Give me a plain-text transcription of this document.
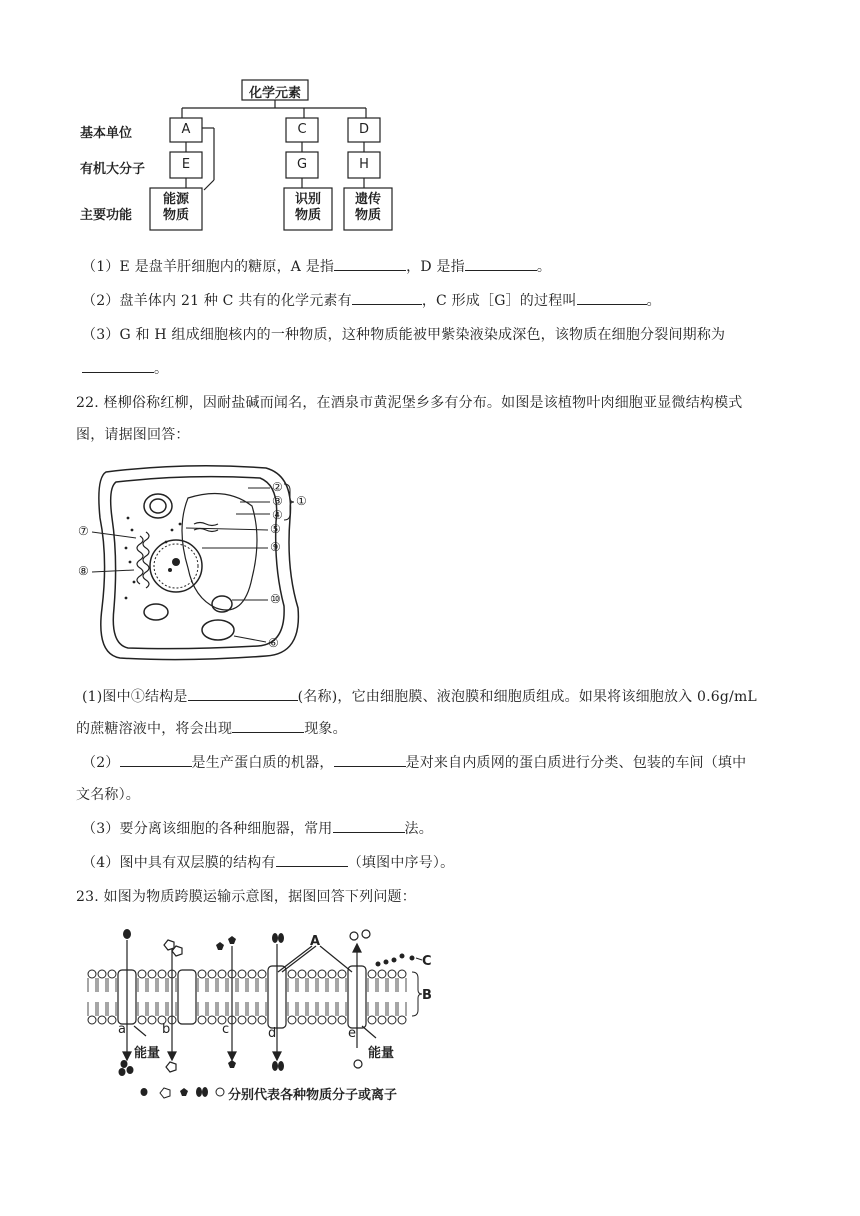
化学元素
基本单位
有机大分子
主要功能
A	C	D
E	G	H
能源
物质
识别
物质
遗传
物质
（1）E 是盘羊肝细胞内的糖原，A 是指	，D 是指	。
（2）盘羊体内 21 种 C 共有的化学元素有	，C 形成［G］的过程叫	。
（3）G 和 H 组成细胞核内的一种物质，这种物质能被甲紫染液染成深色，该物质在细胞分裂间期称为
。
22. 柽柳俗称红柳，因耐盐碱而闻名，在酒泉市黄泥堡乡多有分布。如图是该植物叶肉细胞亚显微结构模式
图，请据图回答：
②
③
④
①
⑤
⑦
⑨
⑧
⑩
⑥
(1)图中①结构是	(名称)，它由细胞膜、液泡膜和细胞质组成。如果将该细胞放入 0.6g/mL
的蔗糖溶液中，将会出现	现象。
（2）	是生产蛋白质的机器，	是对来自内质网的蛋白质进行分类、包装的车间（填中
文名称）。
（3）要分离该细胞的各种细胞器，常用	法。
（4）图中具有双层膜的结构有	（填图中序号）。
23. 如图为物质跨膜运输示意图，据图回答下列问题：
A
B
C
a	b	c	d	e
能量	能量
分别代表各种物质分子或离子
